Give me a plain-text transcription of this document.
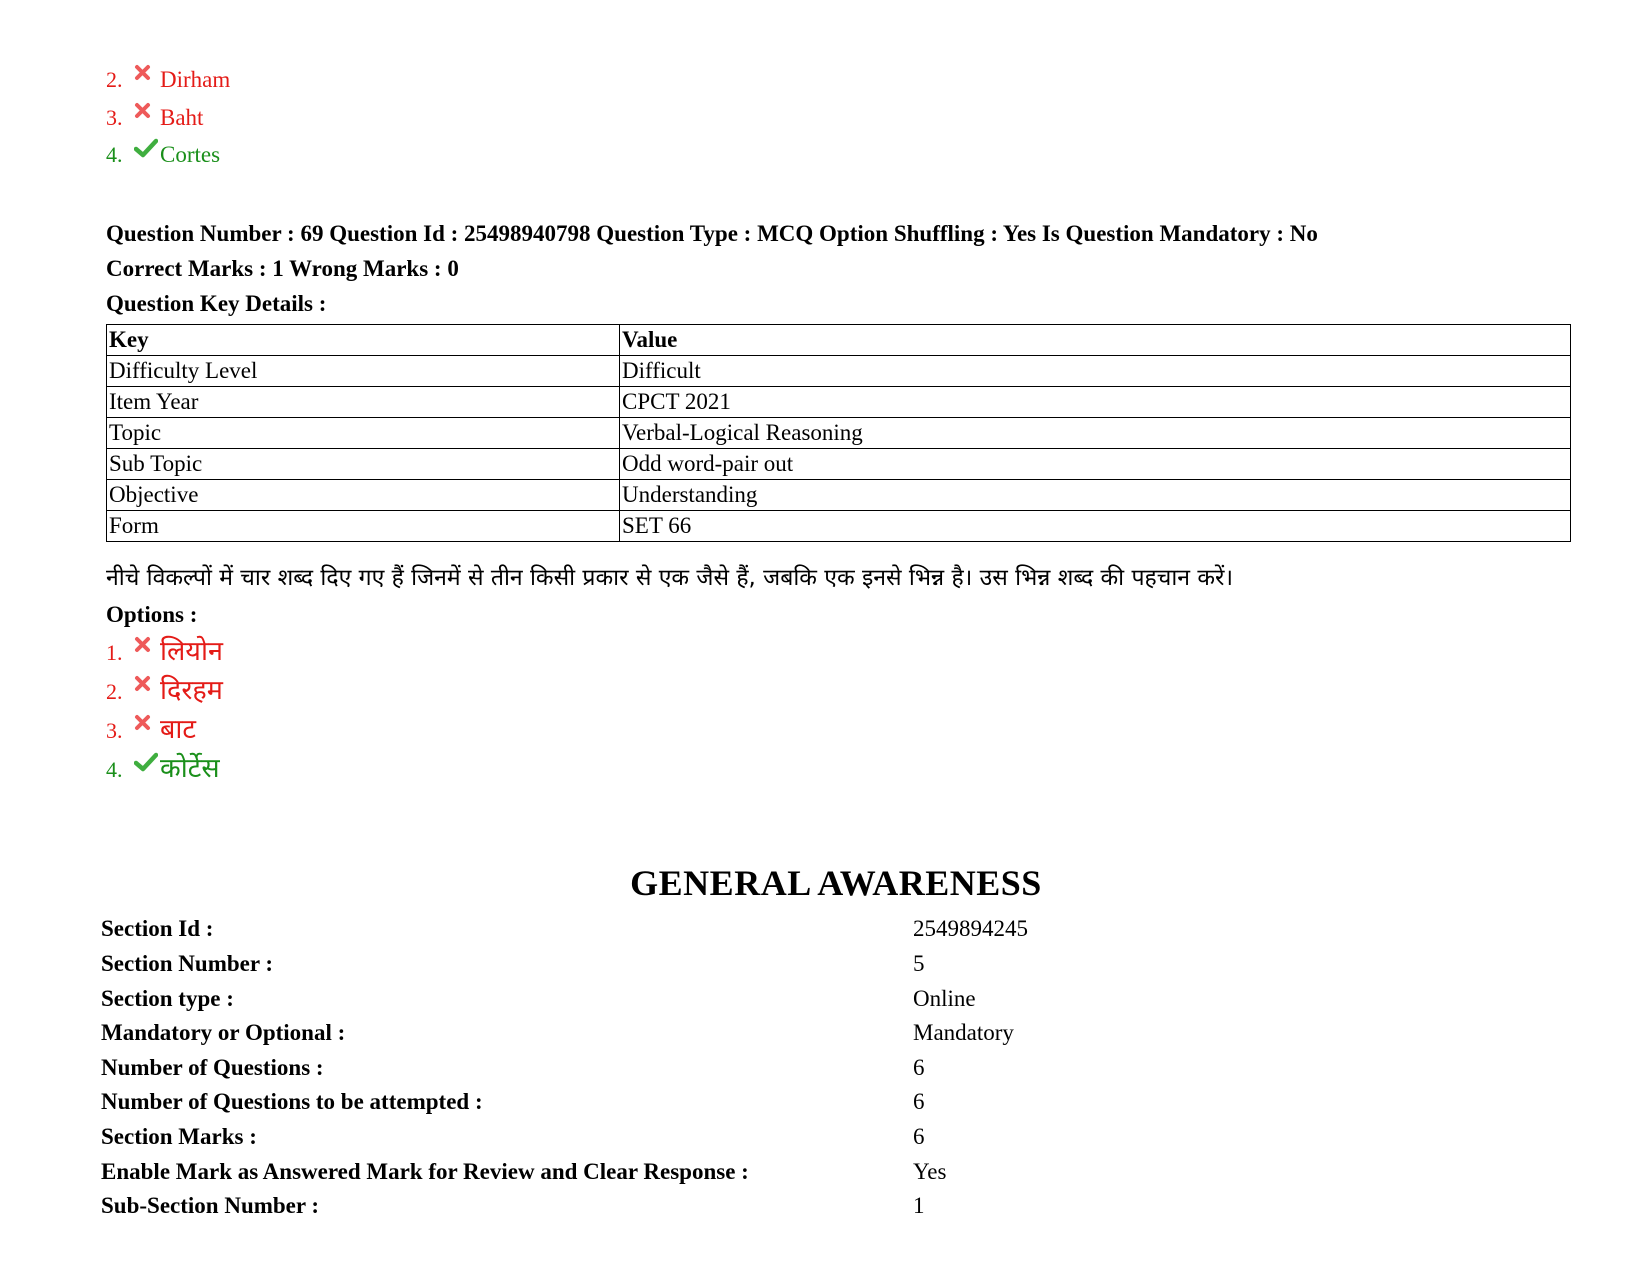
2. Dirham
3. Baht
4. Cortes
Question Number : 69 Question Id : 25498940798 Question Type : MCQ Option Shuffling : Yes Is Question Mandatory : No
Correct Marks : 1 Wrong Marks : 0
Question Key Details :
Key	Value
Difficulty Level	Difficult
Item Year	CPCT 2021
Topic	Verbal-Logical Reasoning
Sub Topic	Odd word-pair out
Objective	Understanding
Form	SET 66
नीचे विकल्पों में चार शब्द दिए गए हैं जिनमें से तीन किसी प्रकार से एक जैसे हैं, जबकि एक इनसे भिन्न है। उस भिन्न शब्द की पहचान करें।
Options :
1. लियोन
2. दिरहम
3. बाट
4. कोर्टेस
GENERAL AWARENESS
Section Id :	2549894245
Section Number :	5
Section type :	Online
Mandatory or Optional :	Mandatory
Number of Questions :	6
Number of Questions to be attempted :	6
Section Marks :	6
Enable Mark as Answered Mark for Review and Clear Response :	Yes
Sub-Section Number :	1
